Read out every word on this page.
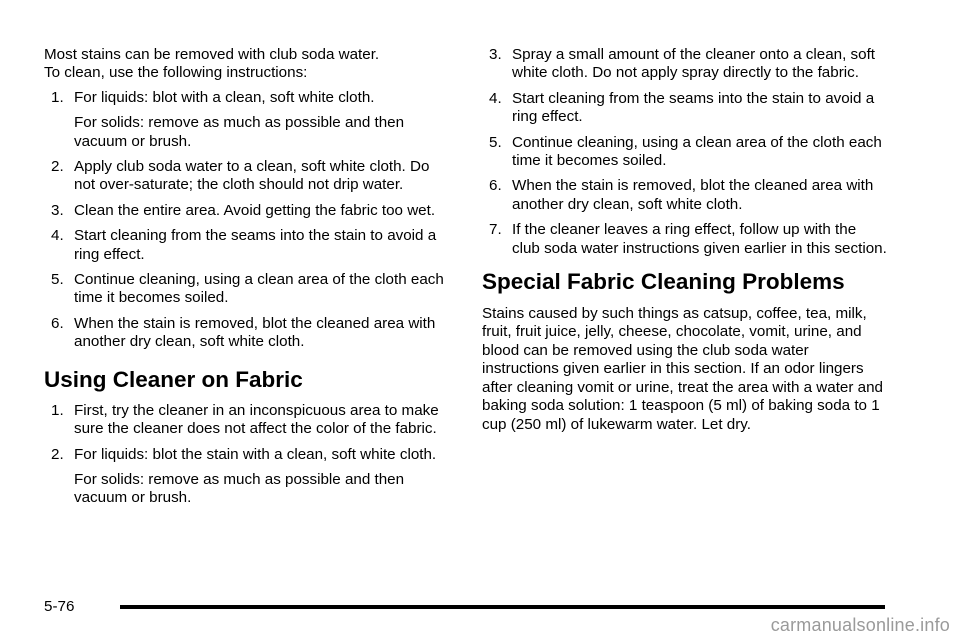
Most stains can be removed with club soda water.
To clean, use the following instructions:

1. For liquids: blot with a clean, soft white cloth.

For solids: remove as much as possible and then vacuum or brush.

2. Apply club soda water to a clean, soft white cloth. Do not over-saturate; the cloth should not drip water.
3. Clean the entire area. Avoid getting the fabric too wet.
4. Start cleaning from the seams into the stain to avoid a ring effect.
5. Continue cleaning, using a clean area of the cloth each time it becomes soiled.
6. When the stain is removed, blot the cleaned area with another dry clean, soft white cloth.
Using Cleaner on Fabric
1. First, try the cleaner in an inconspicuous area to make sure the cleaner does not affect the color of the fabric.
2. For liquids: blot the stain with a clean, soft white cloth.

For solids: remove as much as possible and then vacuum or brush.

3. Spray a small amount of the cleaner onto a clean, soft white cloth. Do not apply spray directly to the fabric.
4. Start cleaning from the seams into the stain to avoid a ring effect.
5. Continue cleaning, using a clean area of the cloth each time it becomes soiled.
6. When the stain is removed, blot the cleaned area with another dry clean, soft white cloth.
7. If the cleaner leaves a ring effect, follow up with the club soda water instructions given earlier in this section.
Special Fabric Cleaning Problems

Stains caused by such things as catsup, coffee, tea, milk, fruit, fruit juice, jelly, cheese, chocolate, vomit, urine, and blood can be removed using the club soda water instructions given earlier in this section. If an odor lingers after cleaning vomit or urine, treat the area with a water and baking soda solution: 1 teaspoon (5 ml) of baking soda to 1 cup (250 ml) of lukewarm water. Let dry.

5-76
carmanualsonline.info
